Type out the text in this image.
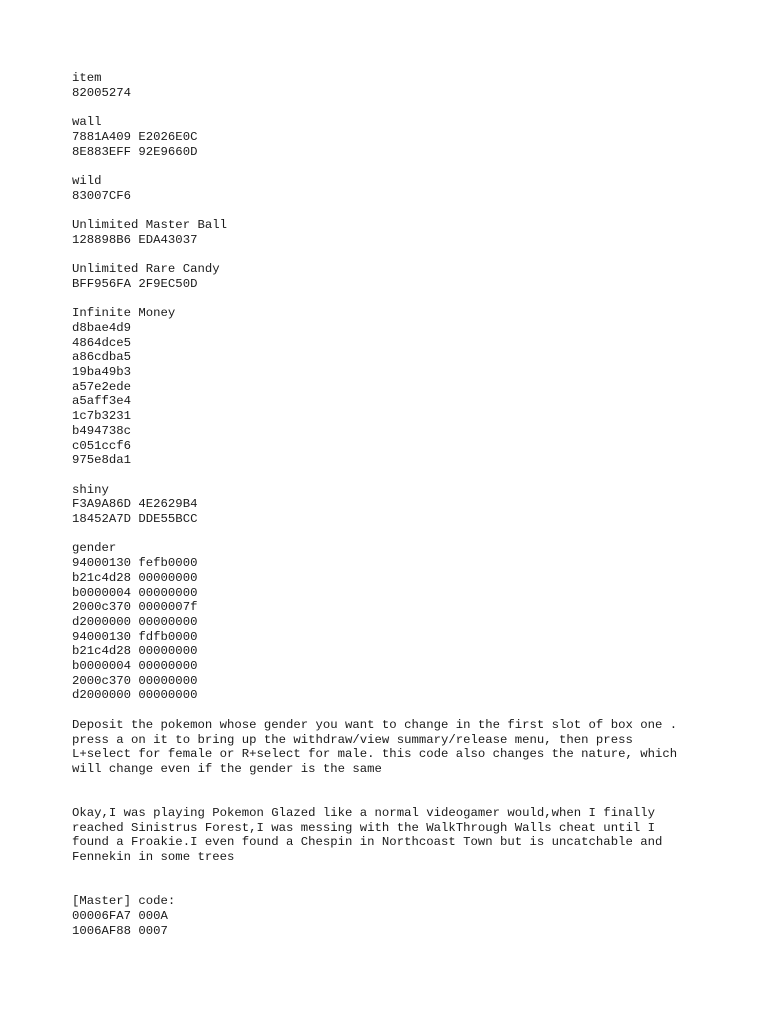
item
82005274
wall
7881A409 E2026E0C
8E883EFF 92E9660D
wild
83007CF6
Unlimited Master Ball
128898B6 EDA43037
Unlimited Rare Candy
BFF956FA 2F9EC50D
Infinite Money
d8bae4d9
4864dce5
a86cdba5
19ba49b3
a57e2ede
a5aff3e4
1c7b3231
b494738c
c051ccf6
975e8da1
shiny
F3A9A86D 4E2629B4
18452A7D DDE55BCC
gender
94000130 fefb0000
b21c4d28 00000000
b0000004 00000000
2000c370 0000007f
d2000000 00000000
94000130 fdfb0000
b21c4d28 00000000
b0000004 00000000
2000c370 00000000
d2000000 00000000
Deposit the pokemon whose gender you want to change in the first slot of box one .
press a on it to bring up the withdraw/view summary/release menu, then press
L+select for female or R+select for male. this code also changes the nature, which
will change even if the gender is the same
Okay,I was playing Pokemon Glazed like a normal videogamer would,when I finally
reached Sinistrus Forest,I was messing with the WalkThrough Walls cheat until I
found a Froakie.I even found a Chespin in Northcoast Town but is uncatchable and
Fennekin in some trees
[Master] code:
00006FA7 000A
1006AF88 0007
